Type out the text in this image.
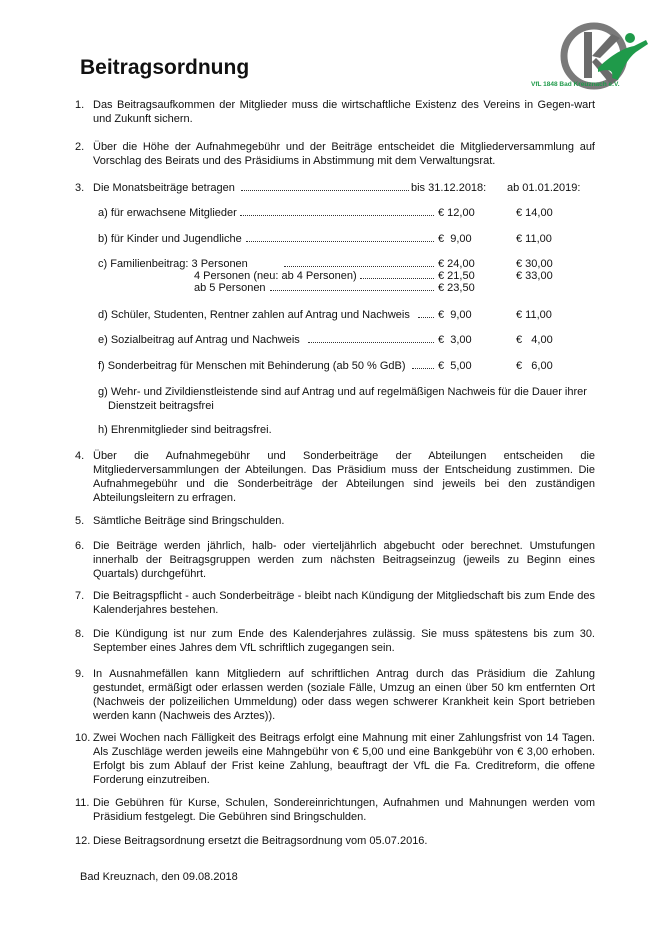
Beitragsordnung
VfL 1848 Bad Kreuznach e.V.
1. Das Beitragsaufkommen der Mitglieder muss die wirtschaftliche Existenz des Vereins in Gegen-wart und Zukunft sichern.
2. Über die Höhe der Aufnahmegebühr und der Beiträge entscheidet die Mitgliederversammlung auf Vorschlag des Beirats und des Präsidiums in Abstimmung mit dem Verwaltungsrat.
3. Die Monatsbeiträge betragen	bis 31.12.2018: ab 01.01.2019:
a) für erwachsene Mitglieder	€ 12,00	€ 14,00
b) für Kinder und Jugendliche	€  9,00	€ 11,00
c) Familienbeitrag: 3 Personen	€ 24,00	€ 30,00
4 Personen (neu: ab 4 Personen)	€ 21,50	€ 33,00
ab 5 Personen	€ 23,50
d) Schüler, Studenten, Rentner zahlen auf Antrag und Nachweis	€  9,00	€ 11,00
e) Sozialbeitrag auf Antrag und Nachweis	€  3,00	€   4,00
f) Sonderbeitrag für Menschen mit Behinderung (ab 50 % GdB)	€  5,00	€   6,00
g) Wehr- und Zivildienstleistende sind auf Antrag und auf regelmäßigen Nachweis für die Dauer ihrer Dienstzeit beitragsfrei
h) Ehrenmitglieder sind beitragsfrei.
4. Über die Aufnahmegebühr und Sonderbeiträge der Abteilungen entscheiden die Mitgliederversammlungen der Abteilungen. Das Präsidium muss der Entscheidung zustimmen. Die Aufnahmegebühr und die Sonderbeiträge der Abteilungen sind jeweils bei den zuständigen Abteilungsleitern zu erfragen.
5. Sämtliche Beiträge sind Bringschulden.
6. Die Beiträge werden jährlich, halb- oder vierteljährlich abgebucht oder berechnet. Umstufungen innerhalb der Beitragsgruppen werden zum nächsten Beitragseinzug (jeweils zu Beginn eines Quartals) durchgeführt.
7. Die Beitragspflicht - auch Sonderbeiträge - bleibt nach Kündigung der Mitgliedschaft bis zum Ende des Kalenderjahres bestehen.
8. Die Kündigung ist nur zum Ende des Kalenderjahres zulässig. Sie muss spätestens bis zum 30. September eines Jahres dem VfL schriftlich zugegangen sein.
9. In Ausnahmefällen kann Mitgliedern auf schriftlichen Antrag durch das Präsidium die Zahlung gestundet, ermäßigt oder erlassen werden (soziale Fälle, Umzug an einen über 50 km entfernten Ort (Nachweis der polizeilichen Ummeldung) oder dass wegen schwerer Krankheit kein Sport betrieben werden kann (Nachweis des Arztes)).
10. Zwei Wochen nach Fälligkeit des Beitrags erfolgt eine Mahnung mit einer Zahlungsfrist von 14 Tagen. Als Zuschläge werden jeweils eine Mahngebühr von € 5,00 und eine Bankgebühr von € 3,00 erhoben. Erfolgt bis zum Ablauf der Frist keine Zahlung, beauftragt der VfL die Fa. Creditreform, die offene Forderung einzutreiben.
11. Die Gebühren für Kurse, Schulen, Sondereinrichtungen, Aufnahmen und Mahnungen werden vom Präsidium festgelegt. Die Gebühren sind Bringschulden.
12. Diese Beitragsordnung ersetzt die Beitragsordnung vom 05.07.2016.
Bad Kreuznach, den 09.08.2018
